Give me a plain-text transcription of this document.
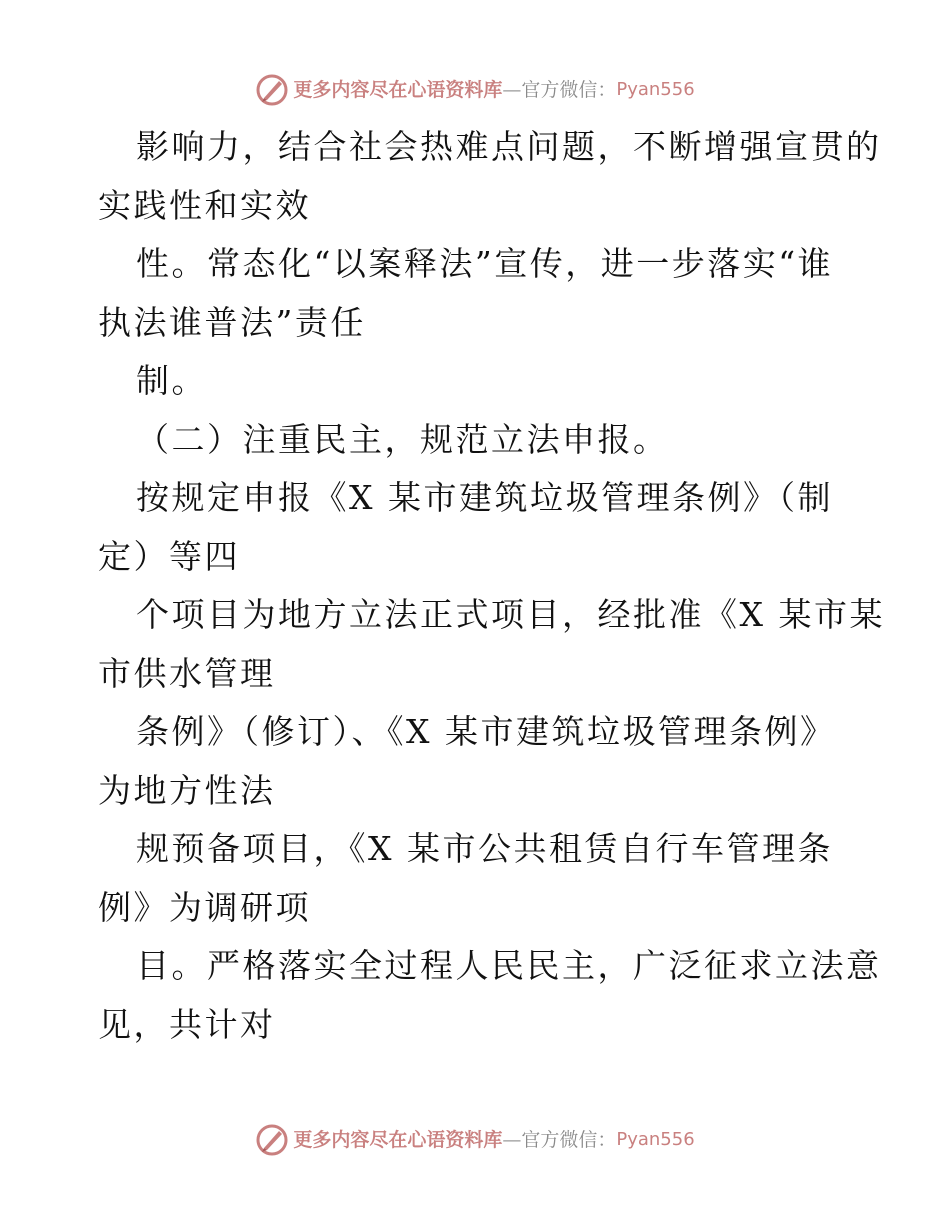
更多内容尽在心语资料库 — 官方微信： Pyan556
影响力，结合社会热难点问题，不断增强宣贯的
实践性和实效
性。常态化“以案释法”宣传，进一步落实“谁
执法谁普法”责任
制。
（二）注重民主，规范立法申报。
按规定申报《X 某市建筑垃圾管理条例》（制
定）等四
个项目为地方立法正式项目，经批准《X 某市某
市供水管理
条例》（修订）、《X 某市建筑垃圾管理条例》
为地方性法
规预备项目，《X 某市公共租赁自行车管理条
例》为调研项
目。严格落实全过程人民民主，广泛征求立法意
见，共计对
更多内容尽在心语资料库 — 官方微信： Pyan556
